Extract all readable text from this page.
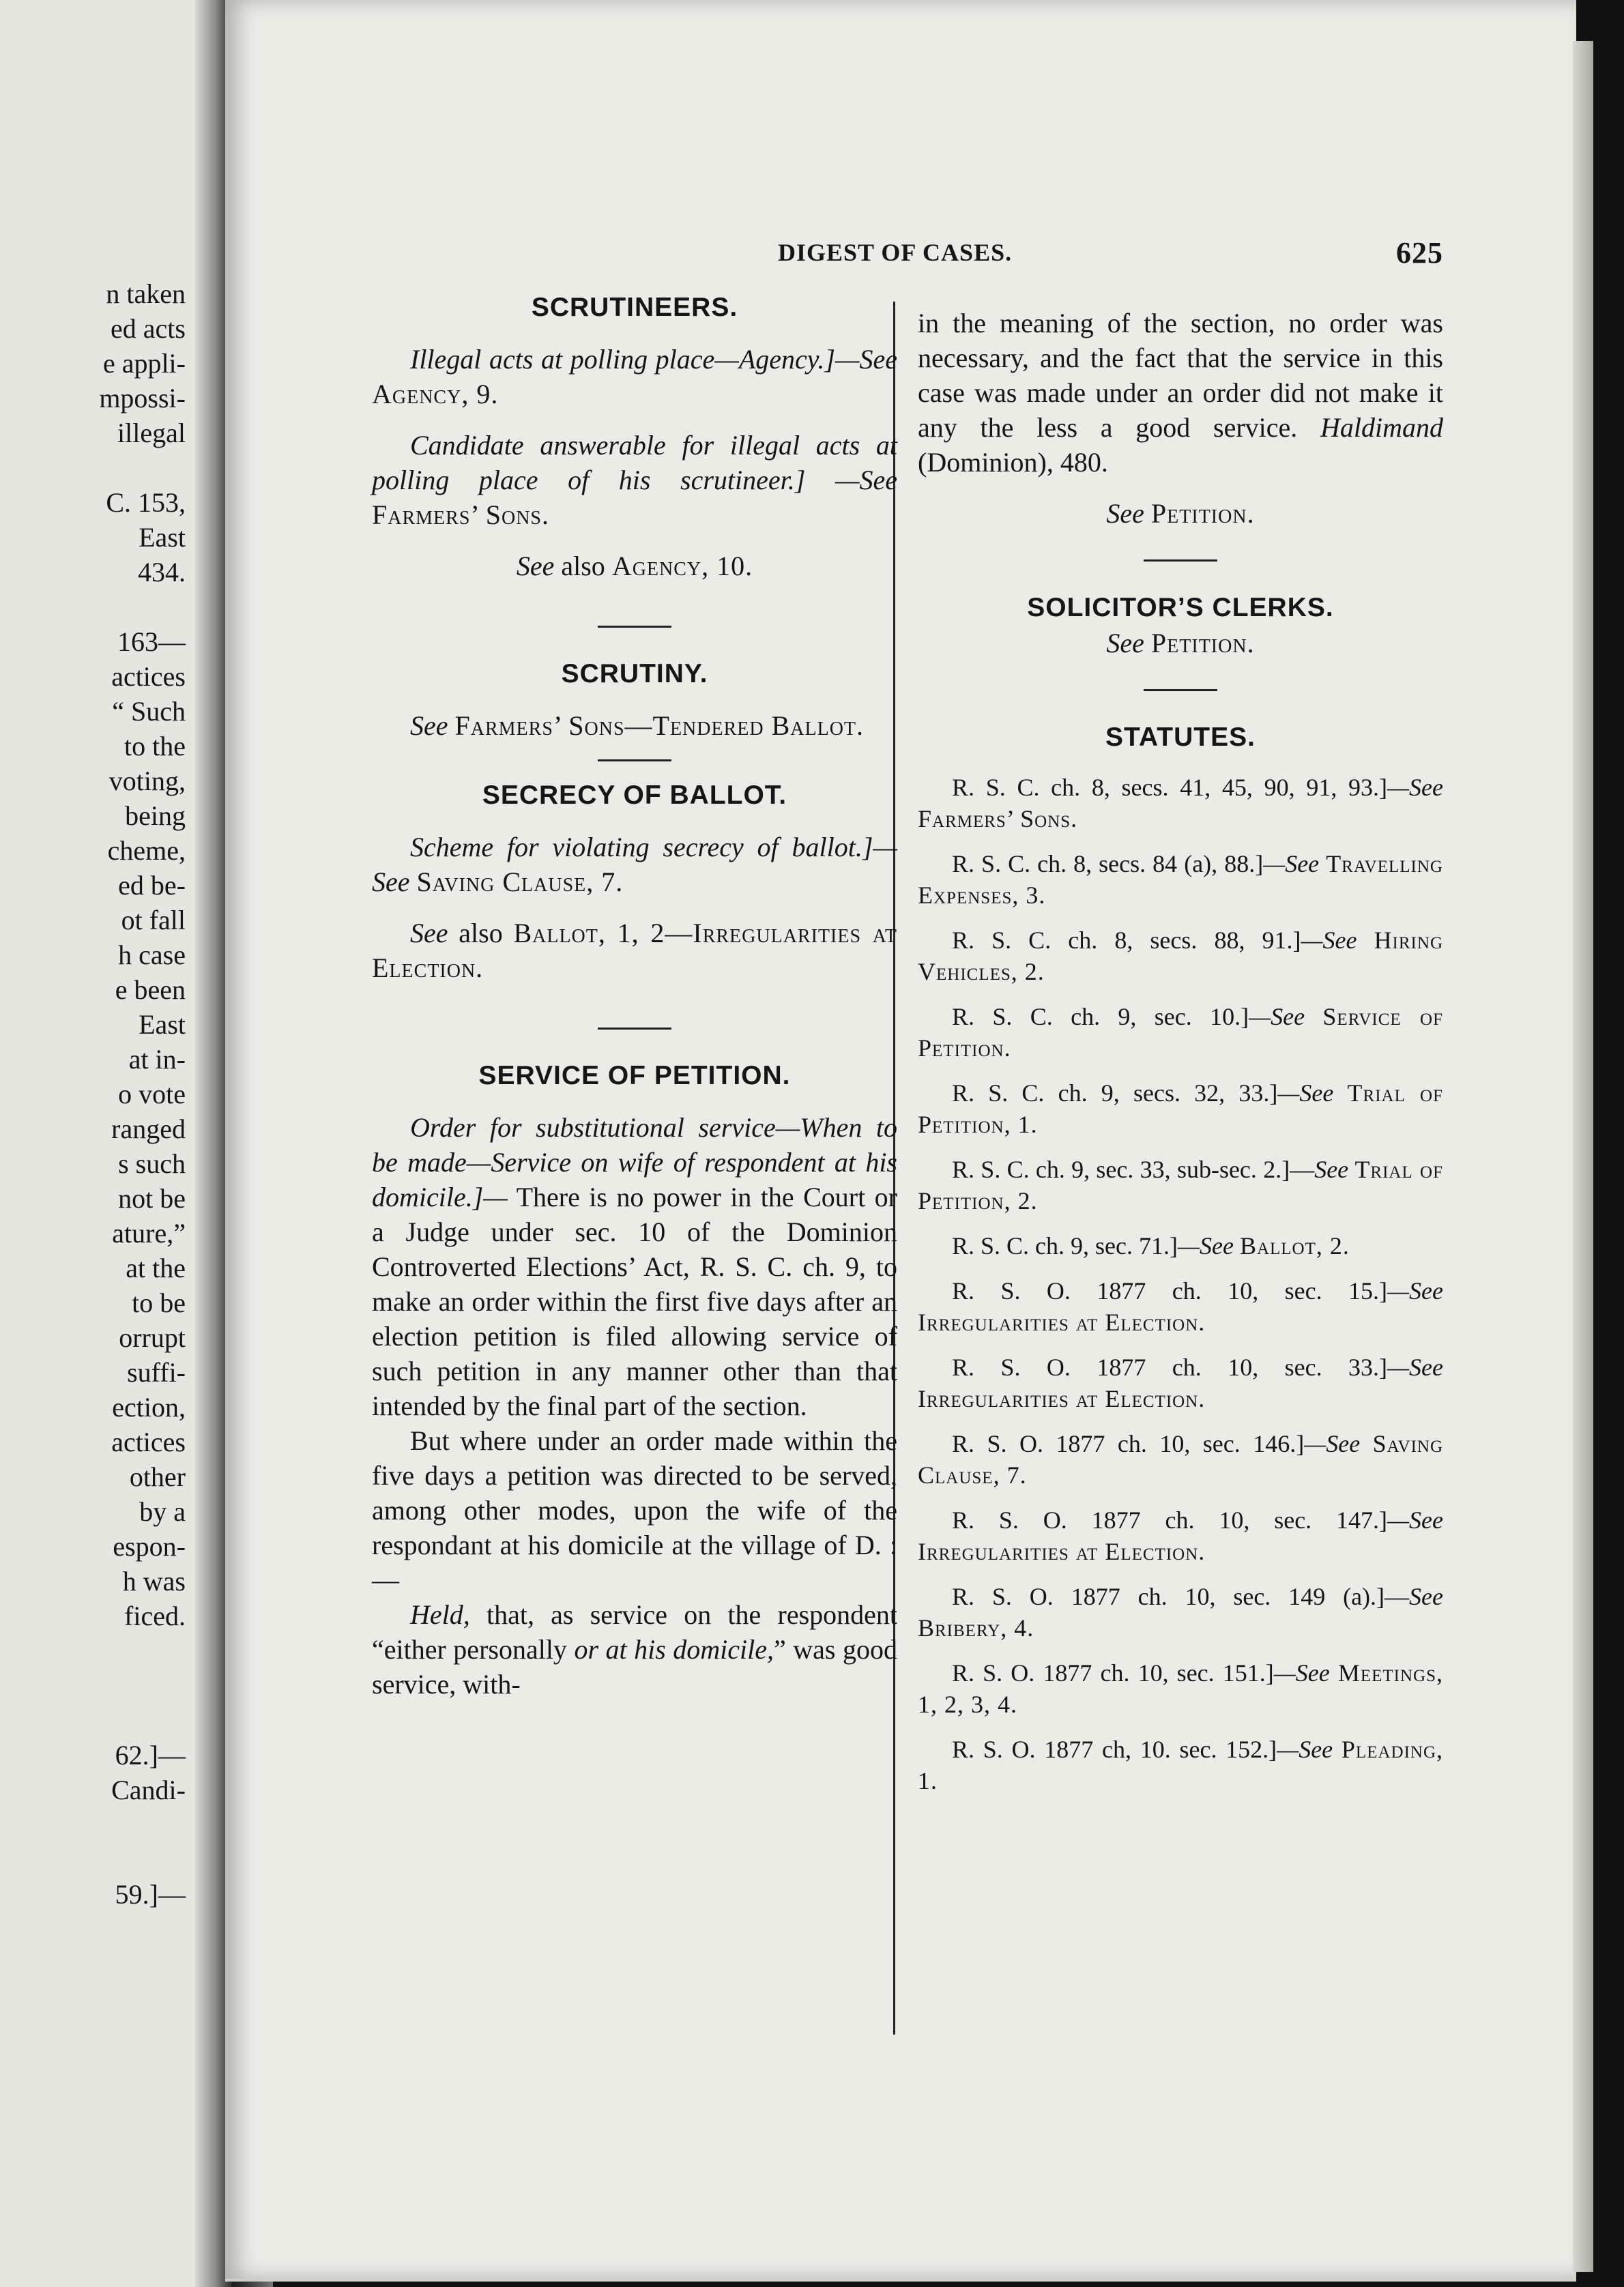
n taken
ed acts
e appli-
mpossi-
illegal
C. 153,
East
434.
163—
actices
“ Such
to the
voting,
being
cheme,
ed be-
ot fall
h case
e been
East
at in-
o vote
ranged
s such
not be
ature,”
at the
to be
orrupt
suffi-
ection,
actices
other
by a
espon-
h was
ficed.
62.]—
Candi-
59.]—
DIGEST OF CASES.	625
SCRUTINEERS.

Illegal acts at polling place—Agency.]—See Agency, 9.

Candidate answerable for illegal acts at polling place of his scrutineer.] —See Farmers’ Sons.

See also Agency, 10.

SCRUTINY.

See Farmers’ Sons—Tendered Ballot.

SECRECY OF BALLOT.

Scheme for violating secrecy of ballot.]—See Saving Clause, 7.

See also Ballot, 1, 2—Irregularities at Election.

SERVICE OF PETITION.

Order for substitutional service—When to be made—Service on wife of respondent at his domicile.]— There is no power in the Court or a Judge under sec. 10 of the Dominion Controverted Elections’ Act, R. S. C. ch. 9, to make an order within the first five days after an election petition is filed allowing service of such petition in any manner other than that intended by the final part of the section.

But where under an order made within the five days a petition was directed to be served, among other modes, upon the wife of the respondant at his domicile at the village of D. :—

Held, that, as service on the respondent “either personally or at his domicile,” was good service, with-

in the meaning of the section, no order was necessary, and the fact that the service in this case was made under an order did not make it any the less a good service. Haldimand (Dominion), 480.

See Petition.

SOLICITOR’S CLERKS.

See Petition.

STATUTES.

R. S. C. ch. 8, secs. 41, 45, 90, 91, 93.]—See Farmers’ Sons.

R. S. C. ch. 8, secs. 84 (a), 88.]—See Travelling Expenses, 3.

R. S. C. ch. 8, secs. 88, 91.]—See Hiring Vehicles, 2.

R. S. C. ch. 9, sec. 10.]—See Service of Petition.

R. S. C. ch. 9, secs. 32, 33.]—See Trial of Petition, 1.

R. S. C. ch. 9, sec. 33, sub-sec. 2.]—See Trial of Petition, 2.

R. S. C. ch. 9, sec. 71.]—See Ballot, 2.

R. S. O. 1877 ch. 10, sec. 15.]—See Irregularities at Election.

R. S. O. 1877 ch. 10, sec. 33.]—See Irregularities at Election.

R. S. O. 1877 ch. 10, sec. 146.]—See Saving Clause, 7.

R. S. O. 1877 ch. 10, sec. 147.]—See Irregularities at Election.

R. S. O. 1877 ch. 10, sec. 149 (a).]—See Bribery, 4.

R. S. O. 1877 ch. 10, sec. 151.]—See Meetings, 1, 2, 3, 4.

R. S. O. 1877 ch, 10. sec. 152.]—See Pleading, 1.
